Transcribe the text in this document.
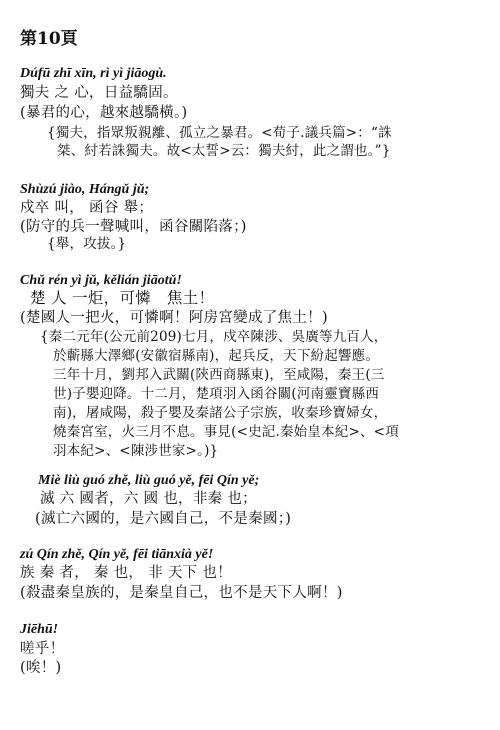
第10頁
Dúfū zhī xīn, rì yì jiāogù.
獨夫 之 心，日益驕固。
(暴君的心，越來越驕橫。)
{獨夫，指眾叛親離、孤立之暴君。<荀子.議兵篇>：“誅
桀、紂若誅獨夫。故<太誓>云：獨夫紂，此之謂也。”}
Shùzú jiào, Hángǔ jǔ;
戍卒 叫， 函谷 舉；
(防守的兵一聲喊叫，函谷關陷落；)
{舉，攻拔。}
Chǔ rén yì jǔ, kělián jiāotǔ!
楚 人 一炬，可憐　焦土！
(楚國人一把火，可憐啊！阿房宮變成了焦土！)
{秦二元年(公元前209)七月，戍卒陳涉、吳廣等九百人，
於蘄縣大澤鄉(安徽宿縣南)，起兵反，天下紛起響應。
三年十月，劉邦入武關(陝西商縣東)，至咸陽，秦王(三
世)子嬰迎降。十二月，楚項羽入函谷關(河南靈寶縣西
南)，屠咸陽，殺子嬰及秦諸公子宗族，收秦珍寶婦女，
燒秦宮室，火三月不息。事見(<史記.秦始皇本紀>、<項
羽本紀>、<陳涉世家>。)}
Miè liù guó zhě, liù guó yě, fēi Qín yě;
滅 六 國者，六 國 也，非秦 也；
(滅亡六國的，是六國自己，不是秦國；)
zú Qín zhě, Qín yě, fēi tiānxià yě!
族 秦 者， 秦 也， 非 天下 也！
(殺盡秦皇族的，是秦皇自己，也不是天下人啊！)
Jiēhū!
嗟乎！
(唉！)
